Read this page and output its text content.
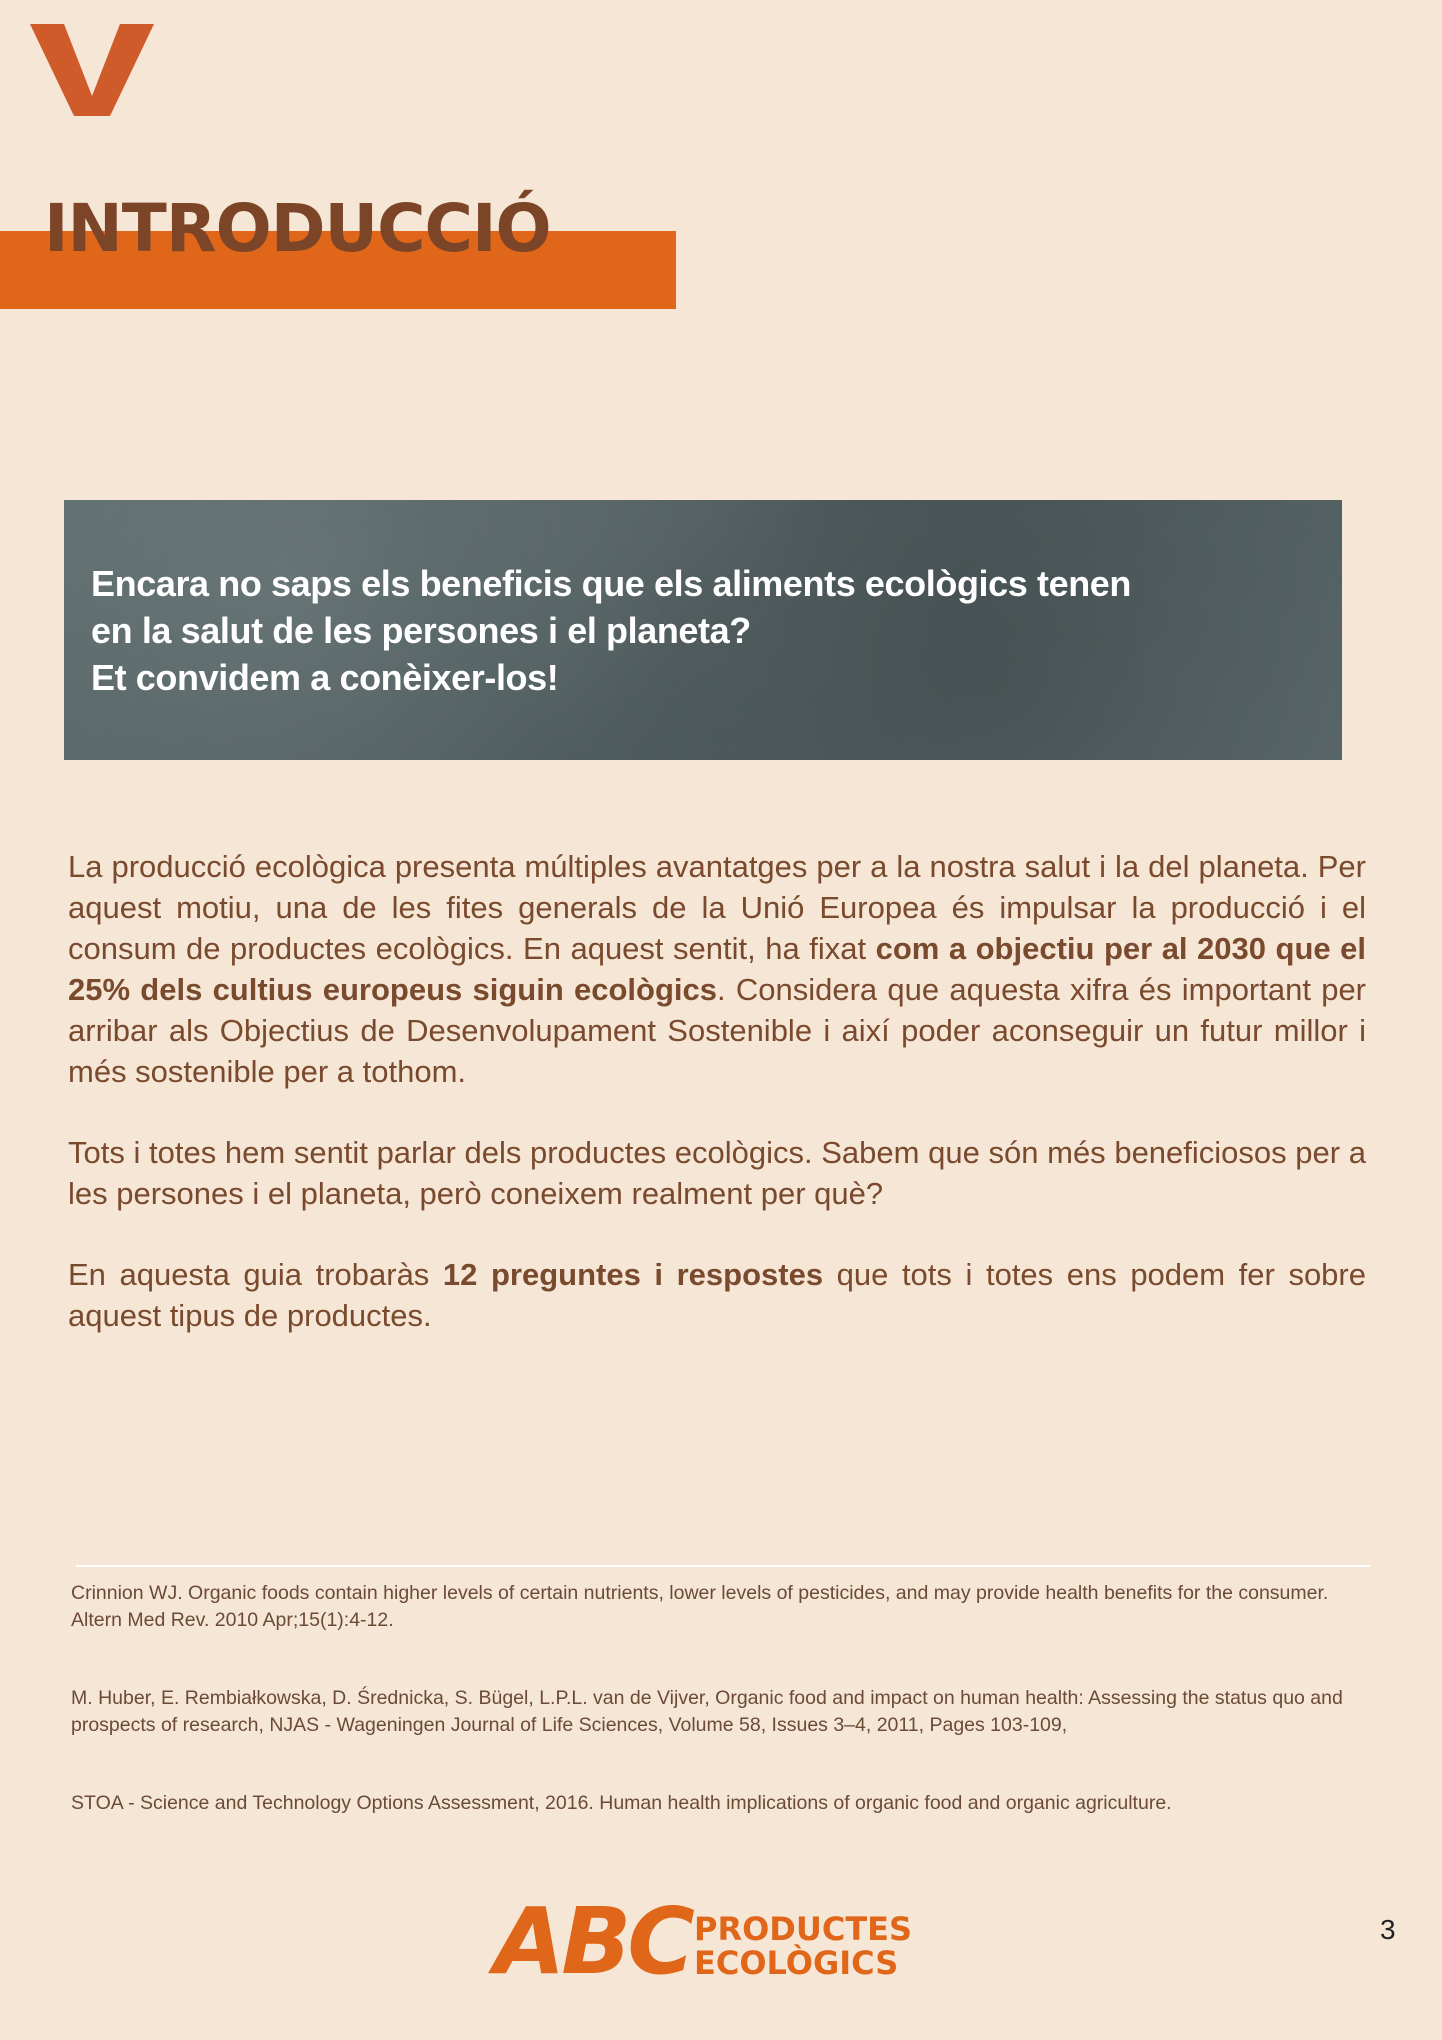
INTRODUCCIÓ
Encara no saps els beneficis que els aliments ecològics tenen
en la salut de les persones i el planeta?
Et convidem a conèixer-los!

La producció ecològica presenta múltiples avantatges per a la nostra salut i la del planeta. Per aquest motiu, una de les fites generals de la Unió Europea és impulsar la producció i el consum de productes ecològics. En aquest sentit, ha fixat com a objectiu per al 2030 que el 25% dels cultius europeus siguin ecològics. Considera que aquesta xifra és important per arribar als Objectius de Desenvolupament Sostenible i així poder aconseguir un futur millor i més sostenible per a tothom.

Tots i totes hem sentit parlar dels productes ecològics. Sabem que són més beneficiosos per a les persones i el planeta, però coneixem realment per què?

En aquesta guia trobaràs 12 preguntes i respostes que tots i totes ens podem fer sobre aquest tipus de productes.

Crinnion WJ. Organic foods contain higher levels of certain nutrients, lower levels of pesticides, and may provide health benefits for the consumer. Altern Med Rev. 2010 Apr;15(1):4-12.

M. Huber, E. Rembiałkowska, D. Średnicka, S. Bügel, L.P.L. van de Vijver, Organic food and impact on human health: Assessing the status quo and prospects of research, NJAS - Wageningen Journal of Life Sciences, Volume 58, Issues 3–4, 2011, Pages 103-109,

STOA - Science and Technology Options Assessment, 2016. Human health implications of organic food and organic agriculture.

ABC PRODUCTES
ECOLÒGICS
3
